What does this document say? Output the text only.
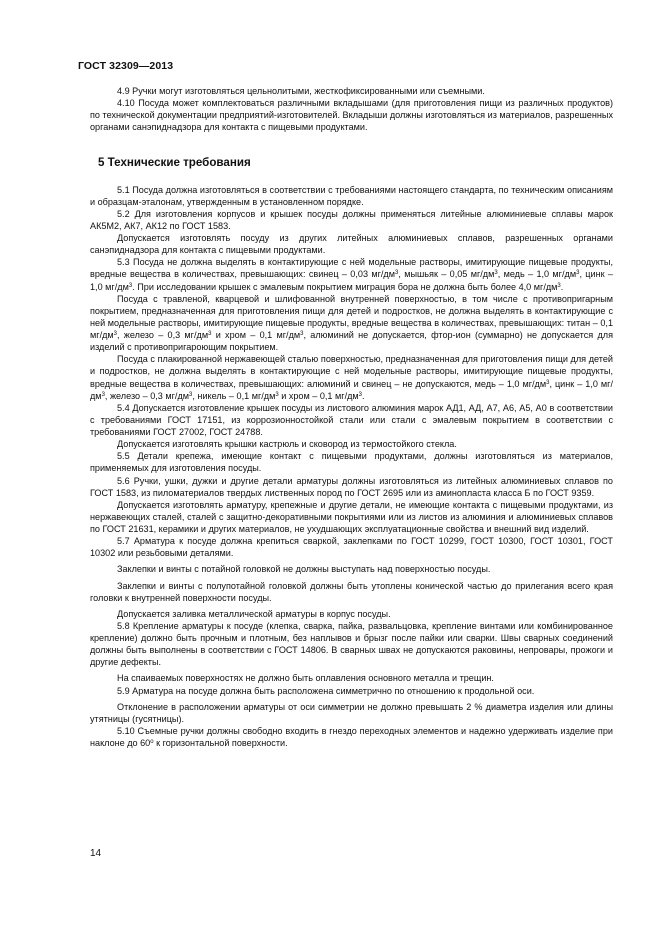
ГОСТ 32309—2013

4.9 Ручки могут изготовляться цельнолитыми, жесткофиксированными или съемными.

4.10 Посуда может комплектоваться различными вкладышами (для приготовления пищи из различных продуктов) по технической документации предприятий-изготовителей. Вкладыши должны изготовляться из материалов, разрешенных органами санэпиднадзора для контакта с пищевыми продуктами.

5 Технические требования

5.1 Посуда должна изготовляться в соответствии с требованиями настоящего стандарта, по техническим описаниям и образцам-эталонам, утвержденным в установленном порядке.

5.2 Для изготовления корпусов и крышек посуды должны применяться литейные алюминиевые сплавы марок АК5М2, АК7, АК12 по ГОСТ 1583.

Допускается изготовлять посуду из других литейных алюминиевых сплавов, разрешенных органами санэпиднадзора для контакта с пищевыми продуктами.

5.3 Посуда не должна выделять в контактирующие с ней модельные растворы, имитирующие пищевые продукты, вредные вещества в количествах, превышающих: свинец – 0,03 $мг/дм^3$, мышьяк – 0,05 $мг/дм^3$, медь – 1,0 $мг/дм^3$, цинк – 1,0 $мг/дм^3$. При исследовании крышек с эмалевым покрытием миграция бора не должна быть более 4,0 $мг/дм^3$.

Посуда с травленой, кварцевой и шлифованной внутренней поверхностью, в том числе с противопригарным покрытием, предназначенная для приготовления пищи для детей и подростков, не должна выделять в контактирующие с ней модельные растворы, имитирующие пищевые продукты, вредные вещества в количествах, превышающих: титан – 0,1 $мг/дм^3$, железо – 0,3 $мг/дм^3$ и хром – 0,1 $мг/дм^3$, алюминий не допускается, фтор-ион (суммарно) не допускается для изделий с противопригароющим покрытием.

Посуда с плакированной нержавеющей сталью поверхностью, предназначенная для приготовления пищи для детей и подростков, не должна выделять в контактирующие с ней модельные растворы, имитирующие пищевые продукты, вредные вещества в количествах, превышающих: алюминий и свинец – не допускаются, медь – 1,0 $мг/дм^3$, цинк – 1,0 $мг/дм^3$, железо – 0,3 $мг/дм^3$, никель – 0,1 $мг/дм^3$ и хром – 0,1 $мг/дм^3$.

5.4 Допускается изготовление крышек посуды из листового алюминия марок АД1, АД, А7, А6, А5, А0 в соответствии с требованиями ГОСТ 17151, из коррозионностойкой стали или стали с эмалевым покрытием в соответствии с требованиями ГОСТ 27002, ГОСТ 24788.

Допускается изготовлять крышки кастрюль и сковород из термостойкого стекла.

5.5 Детали крепежа, имеющие контакт с пищевыми продуктами, должны изготовляться из материалов, применяемых для изготовления посуды.

5.6 Ручки, ушки, дужки и другие детали арматуры должны изготовляться из литейных алюминиевых сплавов по ГОСТ 1583, из пиломатериалов твердых лиственных пород по ГОСТ 2695 или из аминопласта класса Б по ГОСТ 9359.

Допускается изготовлять арматуру, крепежные и другие детали, не имеющие контакта с пищевыми продуктами, из нержавеющих сталей, сталей с защитно-декоративными покрытиями или из листов из алюминия и алюминиевых сплавов по ГОСТ 21631, керамики и других материалов, не ухудшающих эксплуатационные свойства и внешний вид изделий.

5.7 Арматура к посуде должна крепиться сваркой, заклепками по ГОСТ 10299, ГОСТ 10300, ГОСТ 10301, ГОСТ 10302 или резьбовыми деталями.

Заклепки и винты с потайной головкой не должны выступать над поверхностью посуды.

Заклепки и винты с полупотайной головкой должны быть утоплены конической частью до прилегания всего края головки к внутренней поверхности посуды.

Допускается заливка металлической арматуры в корпус посуды.

5.8 Крепление арматуры к посуде (клепка, сварка, пайка, развальцовка, крепление винтами или комбинированное крепление) должно быть прочным и плотным, без наплывов и брызг после пайки или сварки. Швы сварных соединений должны быть выполнены в соответствии с ГОСТ 14806. В сварных швах не допускаются раковины, непровары, прожоги и другие дефекты.

На спаиваемых поверхностях не должно быть оплавления основного металла и трещин.

5.9 Арматура на посуде должна быть расположена симметрично по отношению к продольной оси.

Отклонение в расположении арматуры от оси симметрии не должно превышать 2 % диаметра изделия или длины утятницы (гусятницы).

5.10 Съемные ручки должны свободно входить в гнездо переходных элементов и надежно удерживать изделие при наклоне до $60^о$ к горизонтальной поверхности.

14
